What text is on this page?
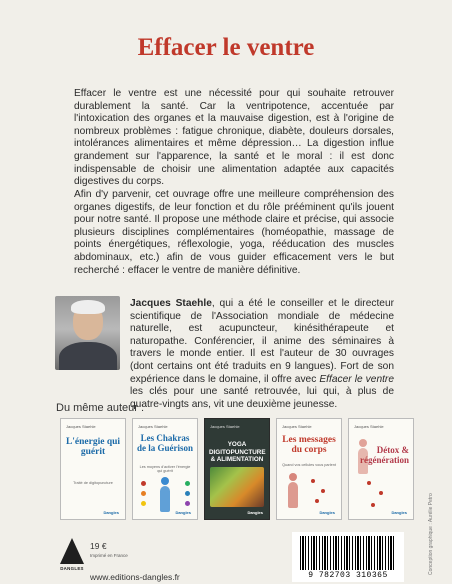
Effacer le ventre

Effacer le ventre est une nécessité pour qui souhaite retrouver durablement la santé. Car la ventripotence, accentuée par l'intoxication des organes et la mauvaise digestion, est à l'origine de nombreux problèmes : fatigue chronique, diabète, douleurs dorsales, intolérances alimentaires et même dépression… La digestion influe grandement sur l'apparence, la santé et le moral : il est donc indispensable de choisir une alimentation adaptée aux capacités digestives du corps.

Afin d'y parvenir, cet ouvrage offre une meilleure compréhension des organes digestifs, de leur fonction et du rôle prééminent qu'ils jouent pour notre santé. Il propose une méthode claire et précise, qui associe plusieurs disciplines complémentaires (homéopathie, massage de points énergétiques, réflexologie, yoga, rééducation des muscles abdominaux, etc.) afin de vous guider efficacement vers le but recherché : effacer le ventre de manière définitive.

Jacques Staehle, qui a été le conseiller et le directeur scientifique de l'Association mondiale de médecine naturelle, est acupuncteur, kinésithérapeute et naturopathe. Conférencier, il anime des séminaires à travers le monde entier. Il est l'auteur de 30 ouvrages (dont certains ont été traduits en 9 langues). Fort de son expérience dans le domaine, il offre avec Effacer le ventre les clés pour une santé retrouvée, lui qui, à plus de quatre-vingts ans, vit une deuxième jeunesse.

Du même auteur :
Jacques Staehle
L'énergie qui guérit
Traité de digitopuncture
Dangles
Jacques Staehle
Les Chakras de la Guérison
Les moyens d'activer l'énergie qui guérit
Dangles
Jacques Staehle
YOGA DIGITOPUNCTURE & ALIMENTATION
Dangles
Jacques Staehle
Les messages du corps
Quand vos cellules vous parlent
Dangles
Jacques Staehle
Détox & régénération
Dangles
DANGLES
19 €
Imprimé en France
www.editions-dangles.fr	9 782703 310365
Conception graphique : Aurélie Petro
